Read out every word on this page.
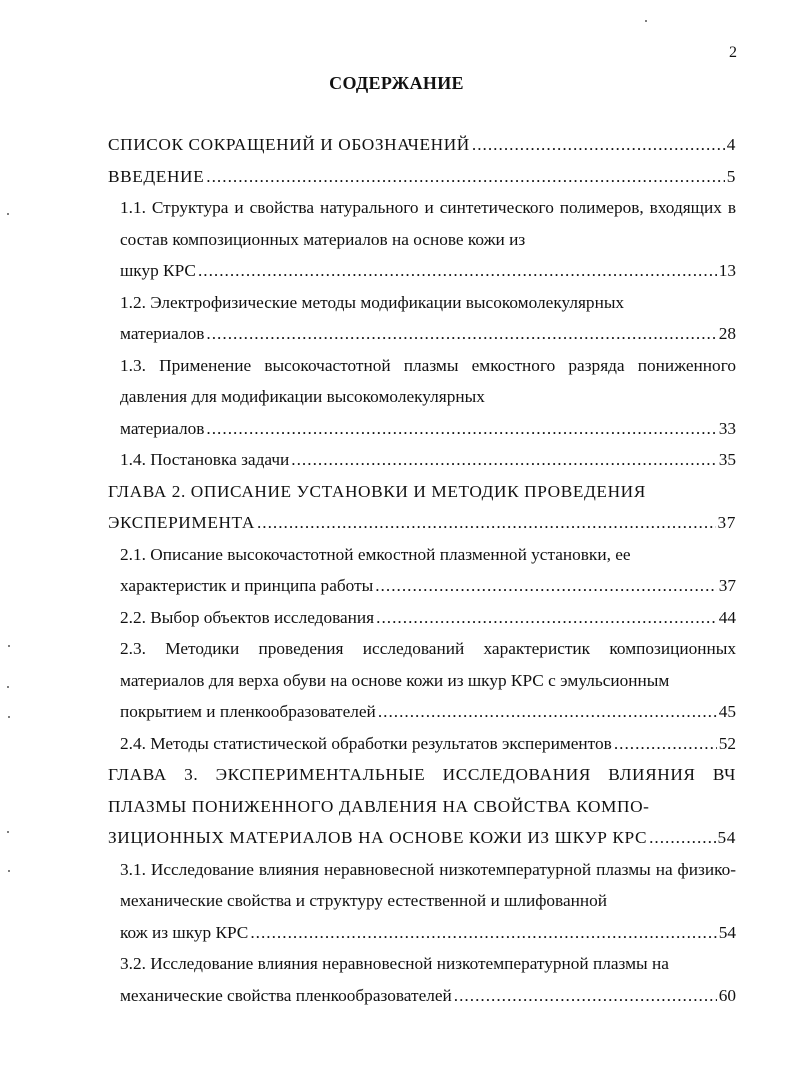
2
СОДЕРЖАНИЕ
СПИСОК СОКРАЩЕНИЙ И ОБОЗНАЧЕНИЙ .....	4
ВВЕДЕНИЕ .....	5
1.1. Структура и свойства натурального и синтетического полимеров, входящих в состав композиционных материалов на основе кожи из
шкур КРС .....	13
1.2. Электрофизические методы модификации высокомолекулярных
материалов .....	28
1.3. Применение высокочастотной плазмы емкостного разряда пониженного давления для модификации высокомолекулярных
материалов .....	33
1.4. Постановка задачи .....	35
ГЛАВА 2. ОПИСАНИЕ УСТАНОВКИ И МЕТОДИК ПРОВЕДЕНИЯ
ЭКСПЕРИМЕНТА .....	37
2.1. Описание высокочастотной емкостной плазменной установки, ее
характеристик и принципа работы .....	37
2.2. Выбор объектов исследования .....	44
2.3. Методики проведения исследований характеристик композиционных материалов для верха обуви на основе кожи из шкур КРС с эмульсионным
покрытием и пленкообразователей .....	45
2.4. Методы статистической обработки результатов экспериментов .....	52
ГЛАВА 3. ЭКСПЕРИМЕНТАЛЬНЫЕ ИССЛЕДОВАНИЯ ВЛИЯНИЯ ВЧ ПЛАЗМЫ ПОНИЖЕННОГО ДАВЛЕНИЯ НА СВОЙСТВА КОМПО-
ЗИЦИОННЫХ МАТЕРИАЛОВ НА ОСНОВЕ КОЖИ ИЗ ШКУР КРС .....	54
3.1. Исследование влияния неравновесной низкотемпературной плазмы на физико-механические свойства и структуру естественной и шлифованной
кож из шкур КРС .....	54
3.2. Исследование влияния неравновесной низкотемпературной плазмы на
механические свойства пленкообразователей .....	60
